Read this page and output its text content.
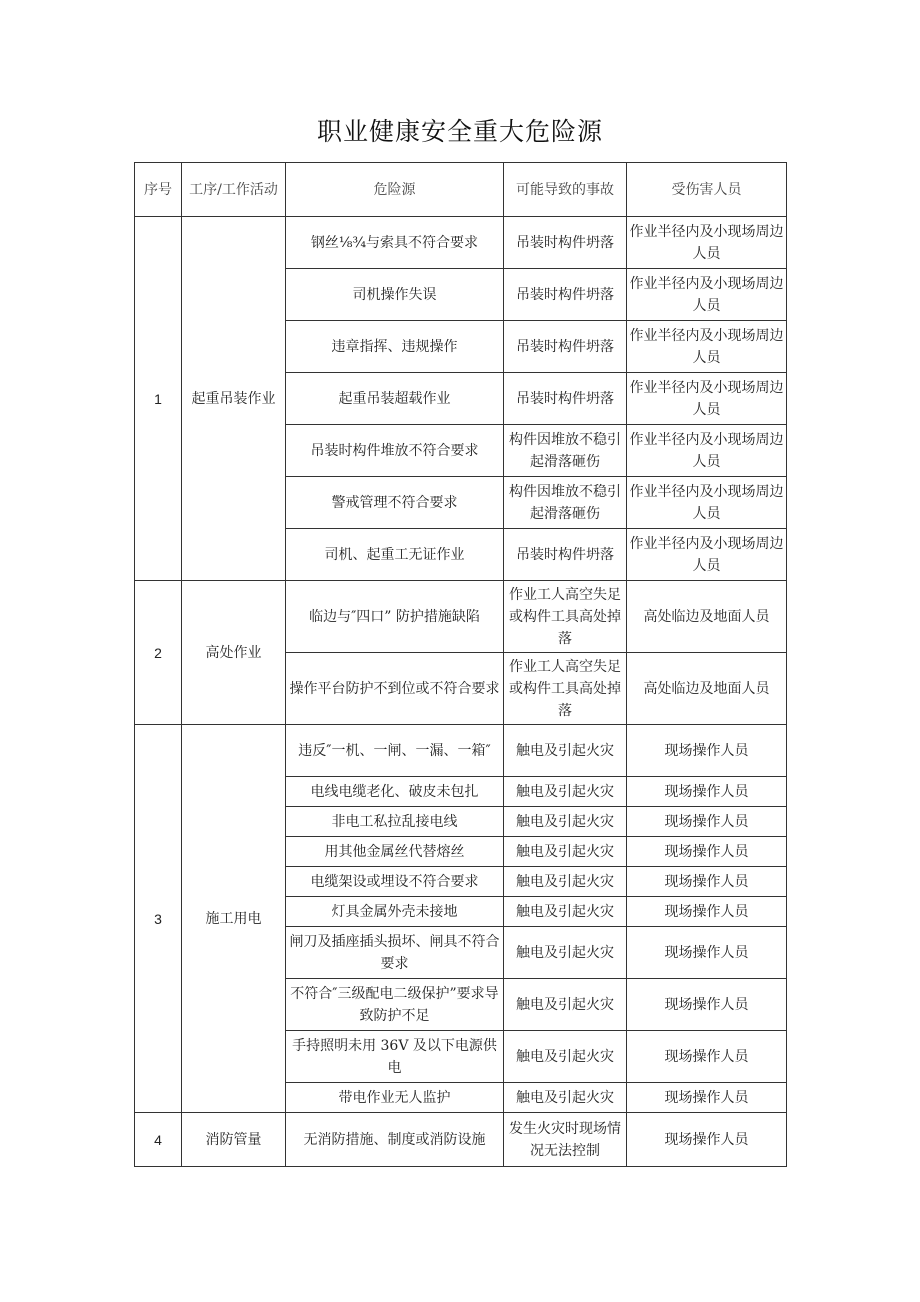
职业健康安全重大危险源
序号	工序/工作活动	危险源	可能导致的事故	受伤害人员
1	起重吊装作业	钢丝⅛¾与索具不符合要求	吊装时构件坍落	作业半径内及小现场周边人员
		司机操作失误	吊装时构件坍落	作业半径内及小现场周边人员
		违章指挥、违规操作	吊装时构件坍落	作业半径内及小现场周边人员
		起重吊装超载作业	吊装时构件坍落	作业半径内及小现场周边人员
		吊装时构件堆放不符合要求	构件因堆放不稳引起滑落砸伤	作业半径内及小现场周边人员
		警戒管理不符合要求	构件因堆放不稳引起滑落砸伤	作业半径内及小现场周边人员
		司机、起重工无证作业	吊装时构件坍落	作业半径内及小现场周边人员
2	高处作业	临边与″四口” 防护措施缺陷	作业工人高空失足或构件工具高处掉落	高处临边及地面人员
		操作平台防护不到位或不符合要求	作业工人高空失足或构件工具高处掉落	高处临边及地面人员
3	施工用电	违反″一机、一闸、一漏、一箱″	触电及引起火灾	现场操作人员
		电线电缆老化、破皮未包扎	触电及引起火灾	现场操作人员
		非电工私拉乱接电线	触电及引起火灾	现场操作人员
		用其他金属丝代替熔丝	触电及引起火灾	现场操作人员
		电缆架设或埋设不符合要求	触电及引起火灾	现场操作人员
		灯具金属外壳未接地	触电及引起火灾	现场操作人员
		闸刀及插座插头损坏、闸具不符合要求	触电及引起火灾	现场操作人员
		不符合″三级配电二级保护”要求导致防护不足	触电及引起火灾	现场操作人员
		手持照明未用 36V 及以下电源供电	触电及引起火灾	现场操作人员
		带电作业无人监护	触电及引起火灾	现场操作人员
4	消防管量	无消防措施、制度或消防设施	发生火灾时现场情况无法控制	现场操作人员
